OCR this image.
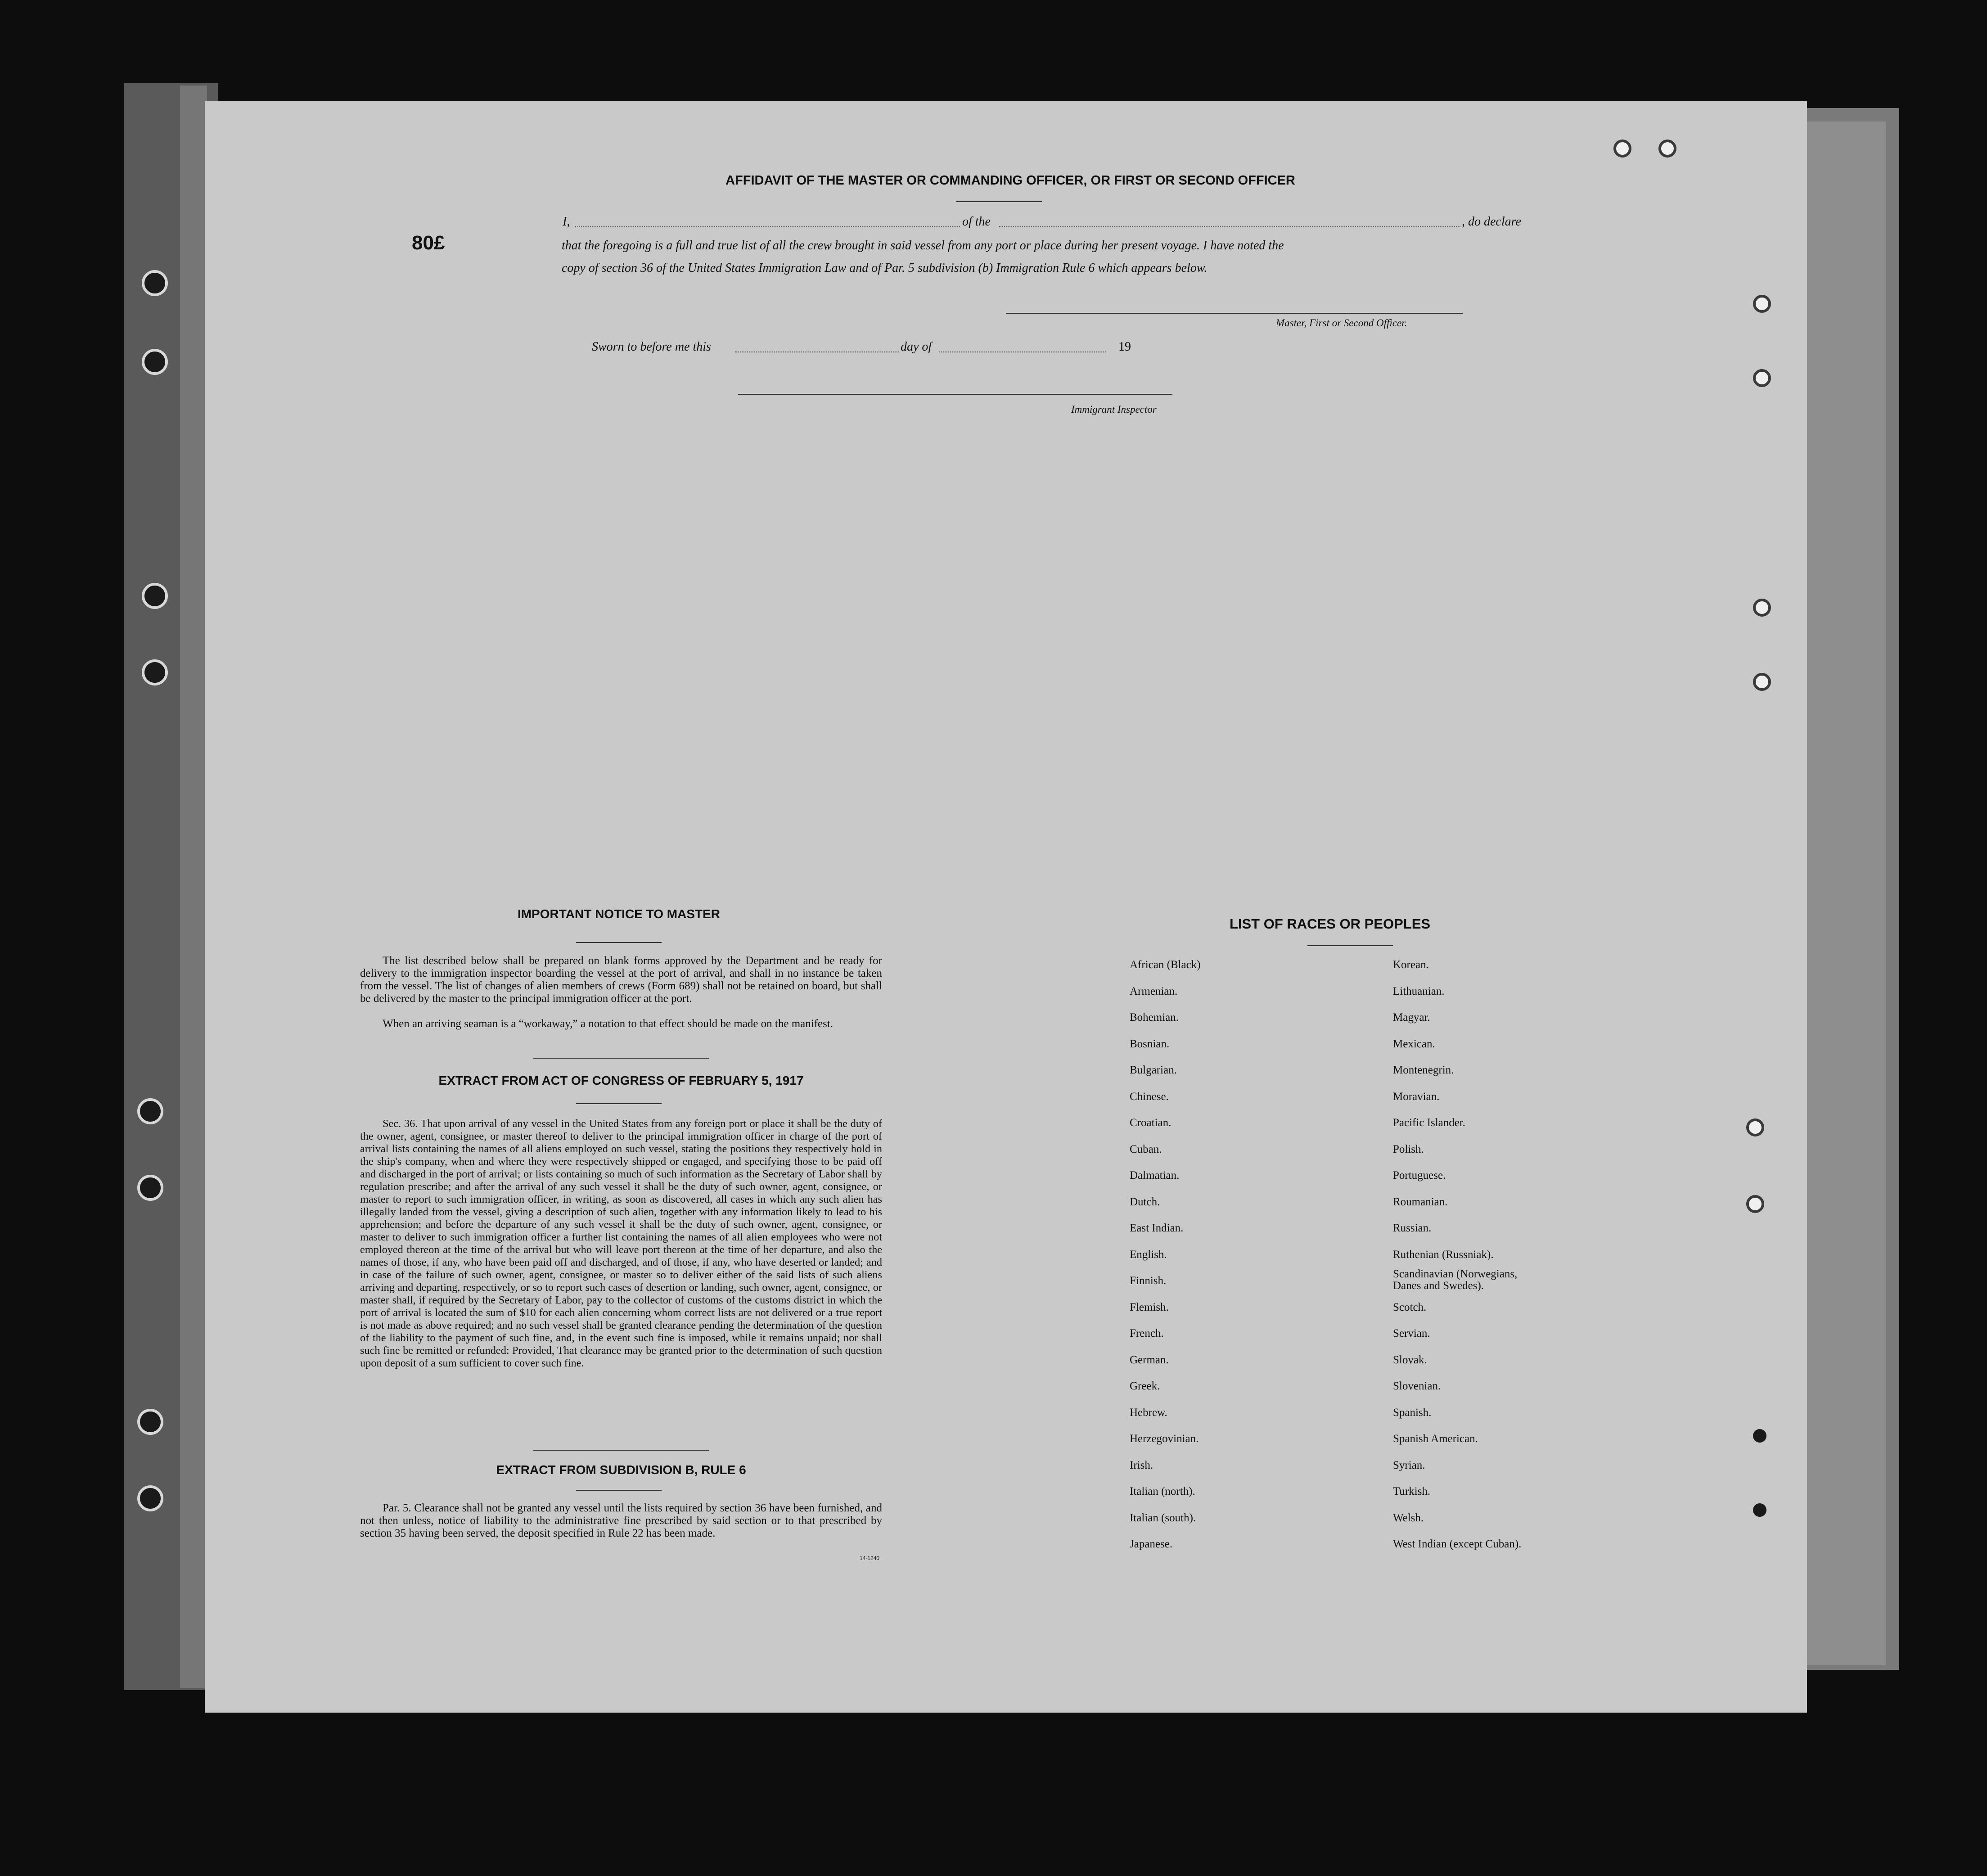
80£
AFFIDAVIT OF THE MASTER OR COMMANDING OFFICER, OR FIRST OR SECOND OFFICER
I,	of the	, do declare
that the foregoing is a full and true list of all the crew brought in said vessel from any port or place during her present voyage. I have noted the
copy of section 36 of the United States Immigration Law and of Par. 5 subdivision (b) Immigration Rule 6 which appears below.
Master, First or Second Officer.
Sworn to before me this	day of	19
Immigrant Inspector
IMPORTANT NOTICE TO MASTER
The list described below shall be prepared on blank forms approved by the Department and be ready for delivery to the immigration inspector boarding the vessel at the port of arrival, and shall in no instance be taken from the vessel. The list of changes of alien members of crews (Form 689) shall not be retained on board, but shall be delivered by the master to the principal immigration officer at the port.
When an arriving seaman is a “workaway,” a notation to that effect should be made on the manifest.
EXTRACT FROM ACT OF CONGRESS OF FEBRUARY 5, 1917
Sec. 36. That upon arrival of any vessel in the United States from any foreign port or place it shall be the duty of the owner, agent, consignee, or master thereof to deliver to the principal immigration officer in charge of the port of arrival lists containing the names of all aliens employed on such vessel, stating the positions they respectively hold in the ship's company, when and where they were respectively shipped or engaged, and specifying those to be paid off and discharged in the port of arrival; or lists containing so much of such information as the Secretary of Labor shall by regulation prescribe; and after the arrival of any such vessel it shall be the duty of such owner, agent, consignee, or master to report to such immigration officer, in writing, as soon as discovered, all cases in which any such alien has illegally landed from the vessel, giving a description of such alien, together with any information likely to lead to his apprehension; and before the departure of any such vessel it shall be the duty of such owner, agent, consignee, or master to deliver to such immigration officer a further list containing the names of all alien employees who were not employed thereon at the time of the arrival but who will leave port thereon at the time of her departure, and also the names of those, if any, who have been paid off and discharged, and of those, if any, who have deserted or landed; and in case of the failure of such owner, agent, consignee, or master so to deliver either of the said lists of such aliens arriving and departing, respectively, or so to report such cases of desertion or landing, such owner, agent, consignee, or master shall, if required by the Secretary of Labor, pay to the collector of customs of the customs district in which the port of arrival is located the sum of $10 for each alien concerning whom correct lists are not delivered or a true report is not made as above required; and no such vessel shall be granted clearance pending the determination of the question of the liability to the payment of such fine, and, in the event such fine is imposed, while it remains unpaid; nor shall such fine be remitted or refunded: Provided, That clearance may be granted prior to the determination of such question upon deposit of a sum sufficient to cover such fine.
EXTRACT FROM SUBDIVISION B, RULE 6
Par. 5. Clearance shall not be granted any vessel until the lists required by section 36 have been furnished, and not then unless, notice of liability to the administrative fine prescribed by said section or to that prescribed by section 35 having been served, the deposit specified in Rule 22 has been made.
14-1240
LIST OF RACES OR PEOPLES
African (Black)
Armenian.
Bohemian.
Bosnian.
Bulgarian.
Chinese.
Croatian.
Cuban.
Dalmatian.
Dutch.
East Indian.
English.
Finnish.
Flemish.
French.
German.
Greek.
Hebrew.
Herzegovinian.
Irish.
Italian (north).
Italian (south).
Japanese.
Korean.
Lithuanian.
Magyar.
Mexican.
Montenegrin.
Moravian.
Pacific Islander.
Polish.
Portuguese.
Roumanian.
Russian.
Ruthenian (Russniak).
Scandinavian (Norwegians, Danes and Swedes).
Scotch.
Servian.
Slovak.
Slovenian.
Spanish.
Spanish American.
Syrian.
Turkish.
Welsh.
West Indian (except Cuban).
